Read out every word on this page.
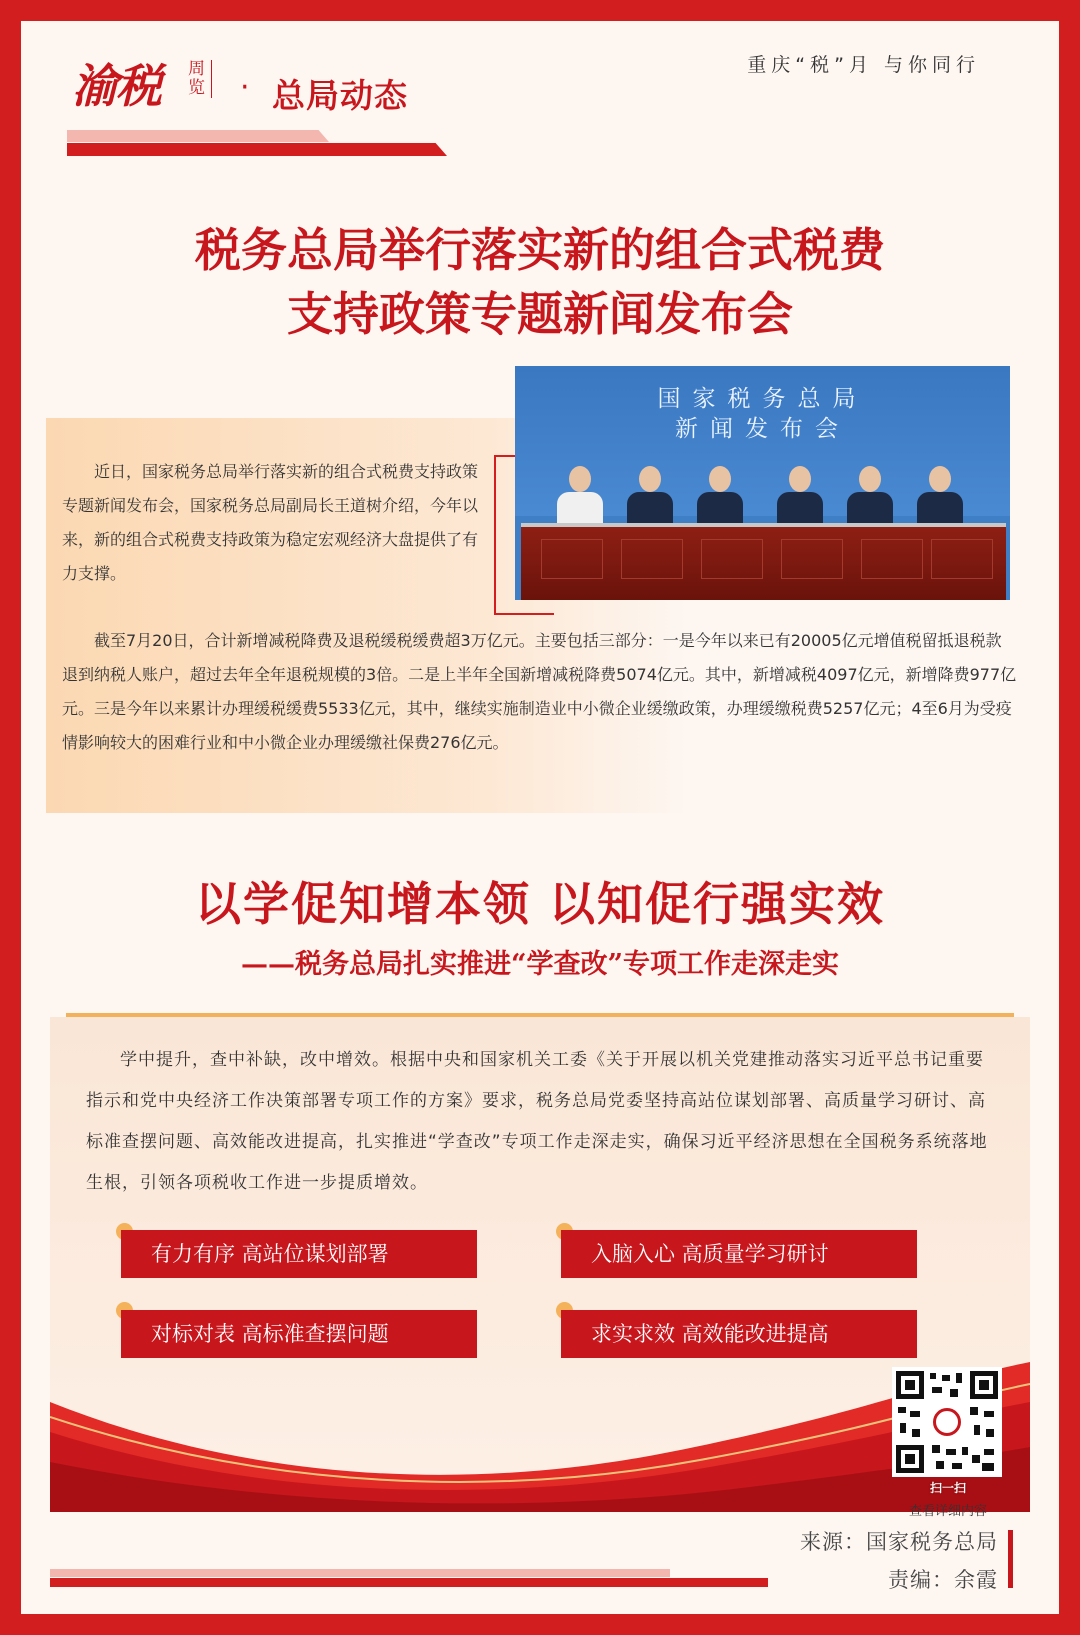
渝税 周览 · 总局动态
重庆“税”月 与你同行
税务总局举行落实新的组合式税费
支持政策专题新闻发布会
国家税务总局
新闻发布会
近日，国家税务总局举行落实新的组合式税费支持政策专题新闻发布会，国家税务总局副局长王道树介绍，今年以来，新的组合式税费支持政策为稳定宏观经济大盘提供了有力支撑。
截至7月20日，合计新增减税降费及退税缓税缓费超3万亿元。主要包括三部分：一是今年以来已有20005亿元增值税留抵退税款退到纳税人账户，超过去年全年退税规模的3倍。二是上半年全国新增减税降费5074亿元。其中，新增减税4097亿元，新增降费977亿元。三是今年以来累计办理缓税缓费5533亿元，其中，继续实施制造业中小微企业缓缴政策，办理缓缴税费5257亿元；4至6月为受疫情影响较大的困难行业和中小微企业办理缓缴社保费276亿元。
以学促知增本领 以知促行强实效
——税务总局扎实推进“学查改”专项工作走深走实
学中提升，查中补缺，改中增效。根据中央和国家机关工委《关于开展以机关党建推动落实习近平总书记重要指示和党中央经济工作决策部署专项工作的方案》要求，税务总局党委坚持高站位谋划部署、高质量学习研讨、高标准查摆问题、高效能改进提高，扎实推进“学查改”专项工作走深走实，确保习近平经济思想在全国税务系统落地生根，引领各项税收工作进一步提质增效。
有力有序 高站位谋划部署	入脑入心 高质量学习研讨
对标对表 高标准查摆问题	求实求效 高效能改进提高
扫一扫
查看详细内容
来源：国家税务总局
责编：余霞
